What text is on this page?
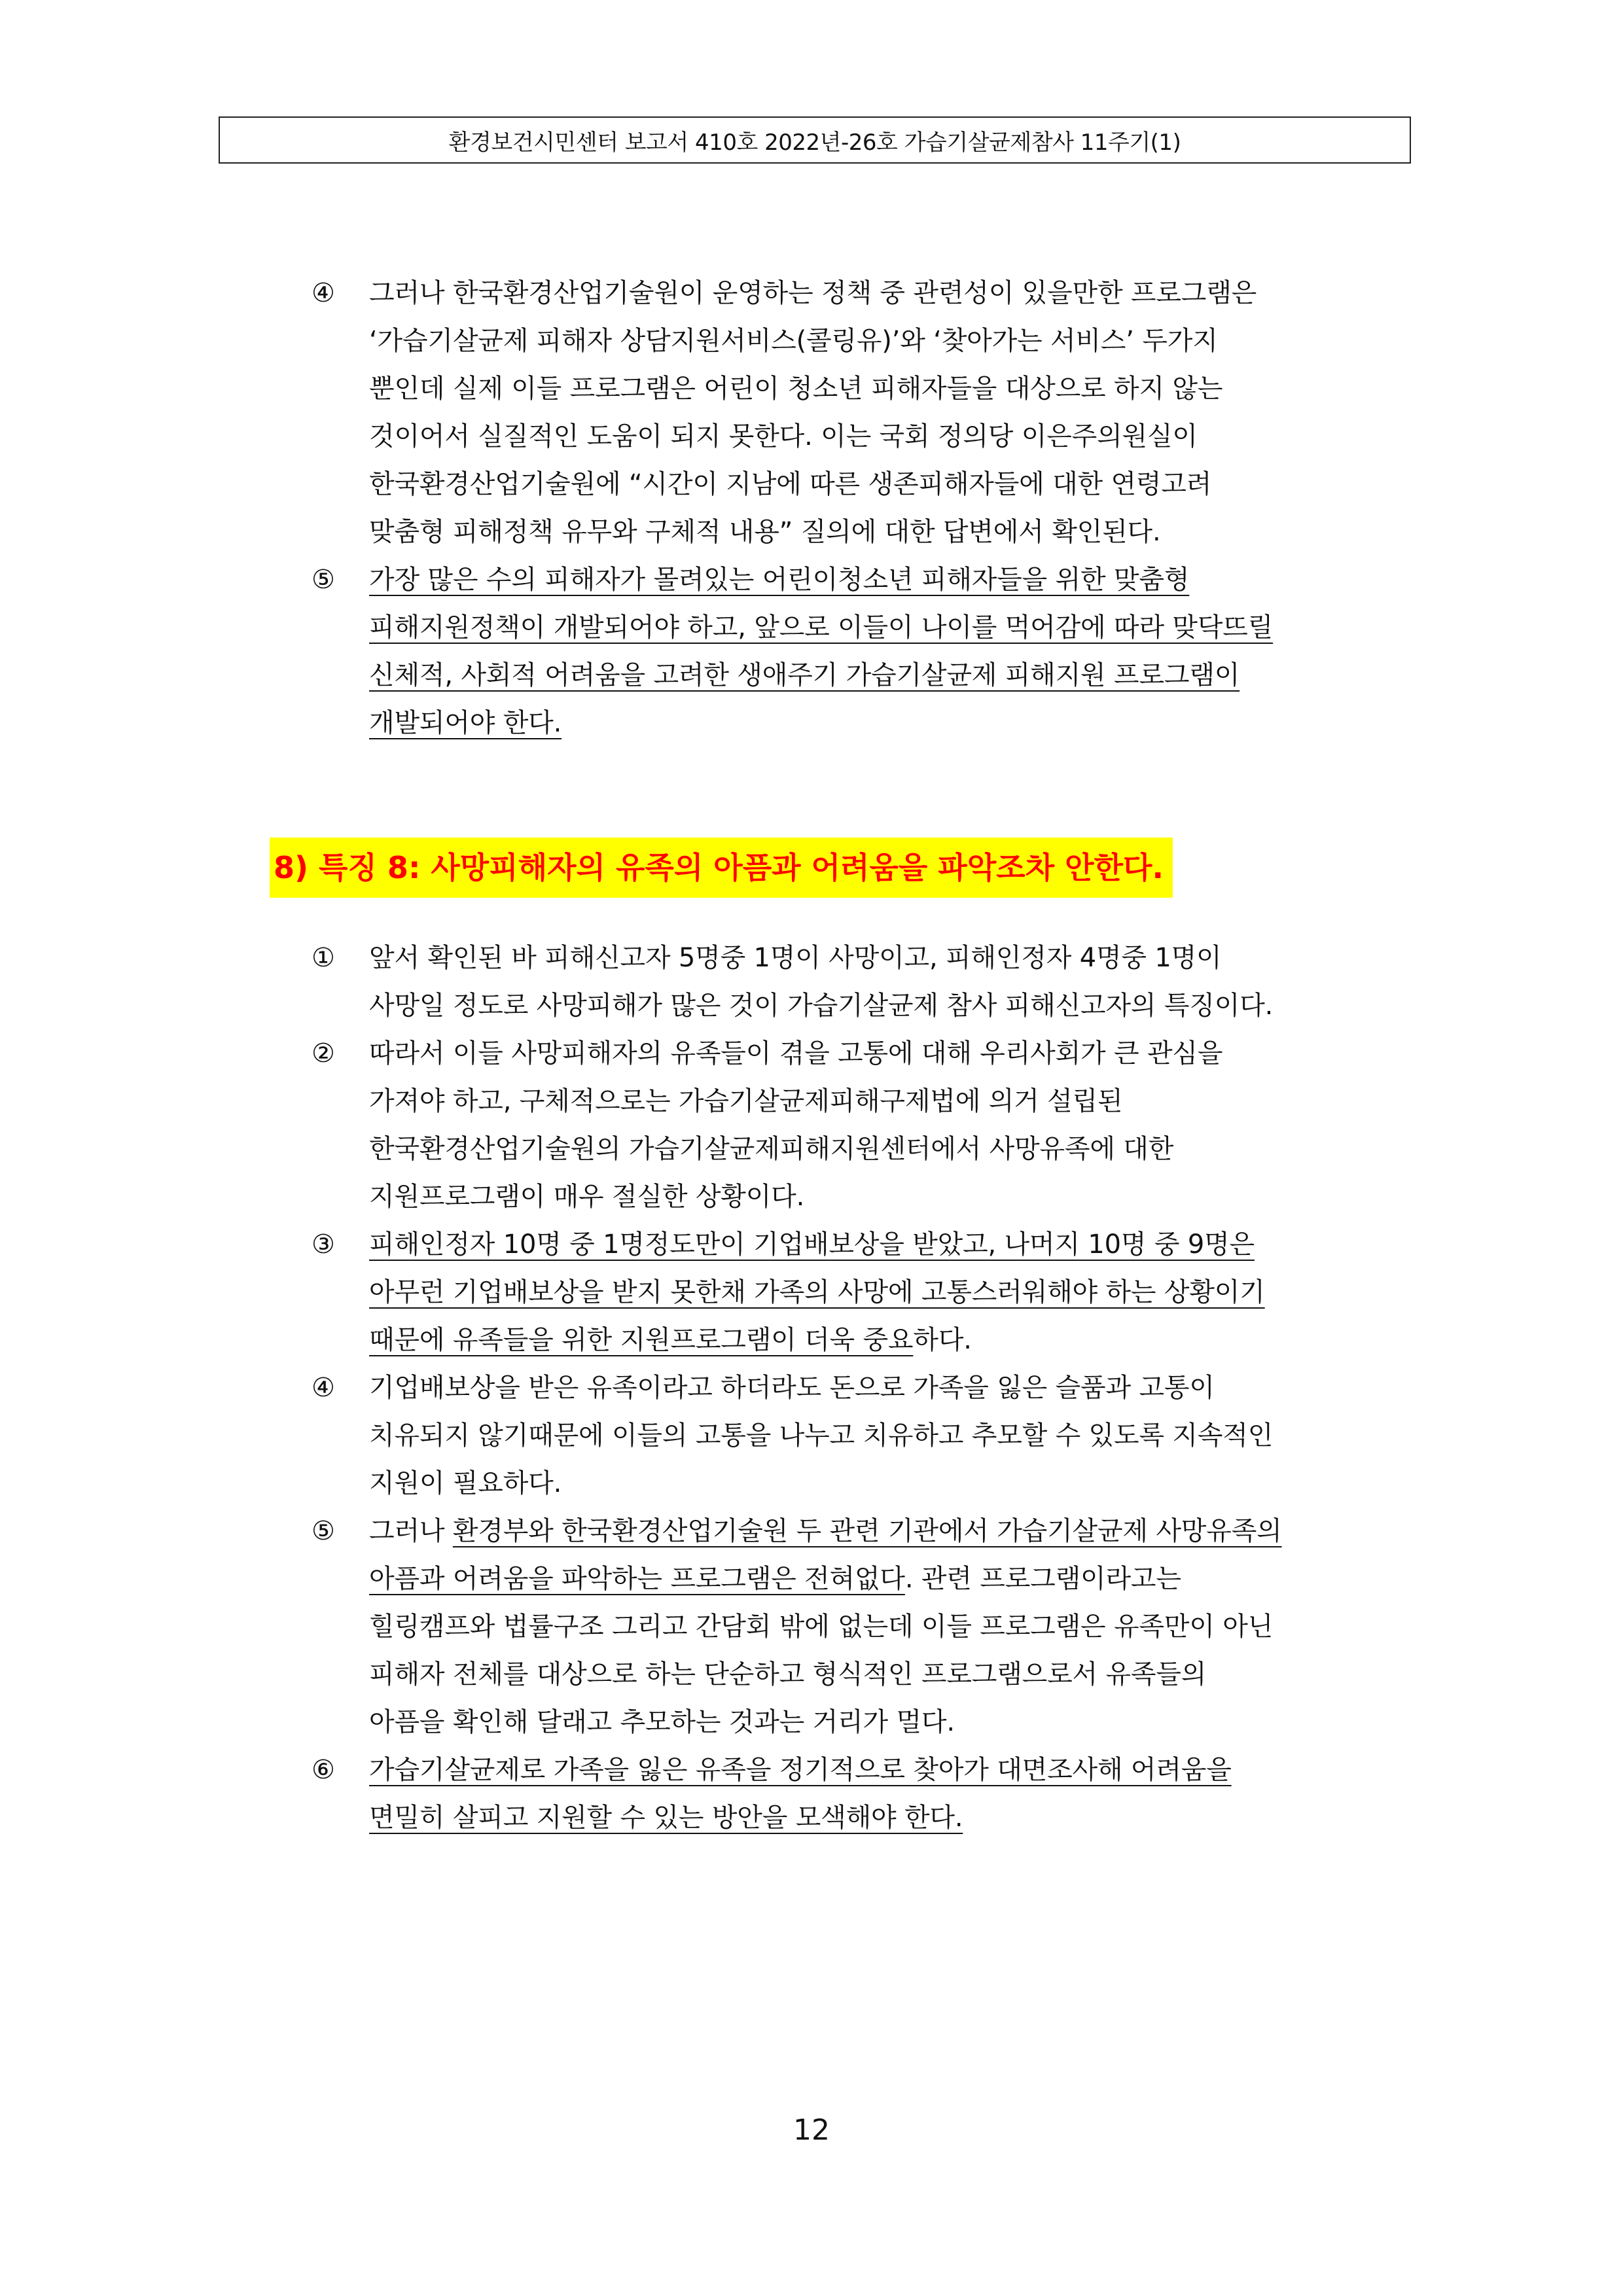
환경보건시민센터 보고서 410호 2022년-26호 가습기살균제참사 11주기(1)
④	그러나 한국환경산업기술원이 운영하는 정책 중 관련성이 있을만한 프로그램은
‘가습기살균제 피해자 상담지원서비스(콜링유)’와 ‘찾아가는 서비스’ 두가지
뿐인데 실제 이들 프로그램은 어린이 청소년 피해자들을 대상으로 하지 않는
것이어서 실질적인 도움이 되지 못한다. 이는 국회 정의당 이은주의원실이
한국환경산업기술원에 “시간이 지남에 따른 생존피해자들에 대한 연령고려
맞춤형 피해정책 유무와 구체적 내용” 질의에 대한 답변에서 확인된다.
⑤	가장 많은 수의 피해자가 몰려있는 어린이청소년 피해자들을 위한 맞춤형
피해지원정책이 개발되어야 하고, 앞으로 이들이 나이를 먹어감에 따라 맞닥뜨릴
신체적, 사회적 어려움을 고려한 생애주기 가습기살균제 피해지원 프로그램이
개발되어야 한다.
8) 특징 8: 사망피해자의 유족의 아픔과 어려움을 파악조차 안한다.
①	앞서 확인된 바 피해신고자 5명중 1명이 사망이고, 피해인정자 4명중 1명이
사망일 정도로 사망피해가 많은 것이 가습기살균제 참사 피해신고자의 특징이다.
②	따라서 이들 사망피해자의 유족들이 겪을 고통에 대해 우리사회가 큰 관심을
가져야 하고, 구체적으로는 가습기살균제피해구제법에 의거 설립된
한국환경산업기술원의 가습기살균제피해지원센터에서 사망유족에 대한
지원프로그램이 매우 절실한 상황이다.
③	피해인정자 10명 중 1명정도만이 기업배보상을 받았고, 나머지 10명 중 9명은
아무런 기업배보상을 받지 못한채 가족의 사망에 고통스러워해야 하는 상황이기
때문에 유족들을 위한 지원프로그램이 더욱 중요하다.
④	기업배보상을 받은 유족이라고 하더라도 돈으로 가족을 잃은 슬품과 고통이
치유되지 않기때문에 이들의 고통을 나누고 치유하고 추모할 수 있도록 지속적인
지원이 필요하다.
⑤	그러나 환경부와 한국환경산업기술원 두 관련 기관에서 가습기살균제 사망유족의
아픔과 어려움을 파악하는 프로그램은 전혀없다. 관련 프로그램이라고는
힐링캠프와 법률구조 그리고 간담회 밖에 없는데 이들 프로그램은 유족만이 아닌
피해자 전체를 대상으로 하는 단순하고 형식적인 프로그램으로서 유족들의
아픔을 확인해 달래고 추모하는 것과는 거리가 멀다.
⑥	가습기살균제로 가족을 잃은 유족을 정기적으로 찾아가 대면조사해 어려움을
면밀히 살피고 지원할 수 있는 방안을 모색해야 한다.
12
